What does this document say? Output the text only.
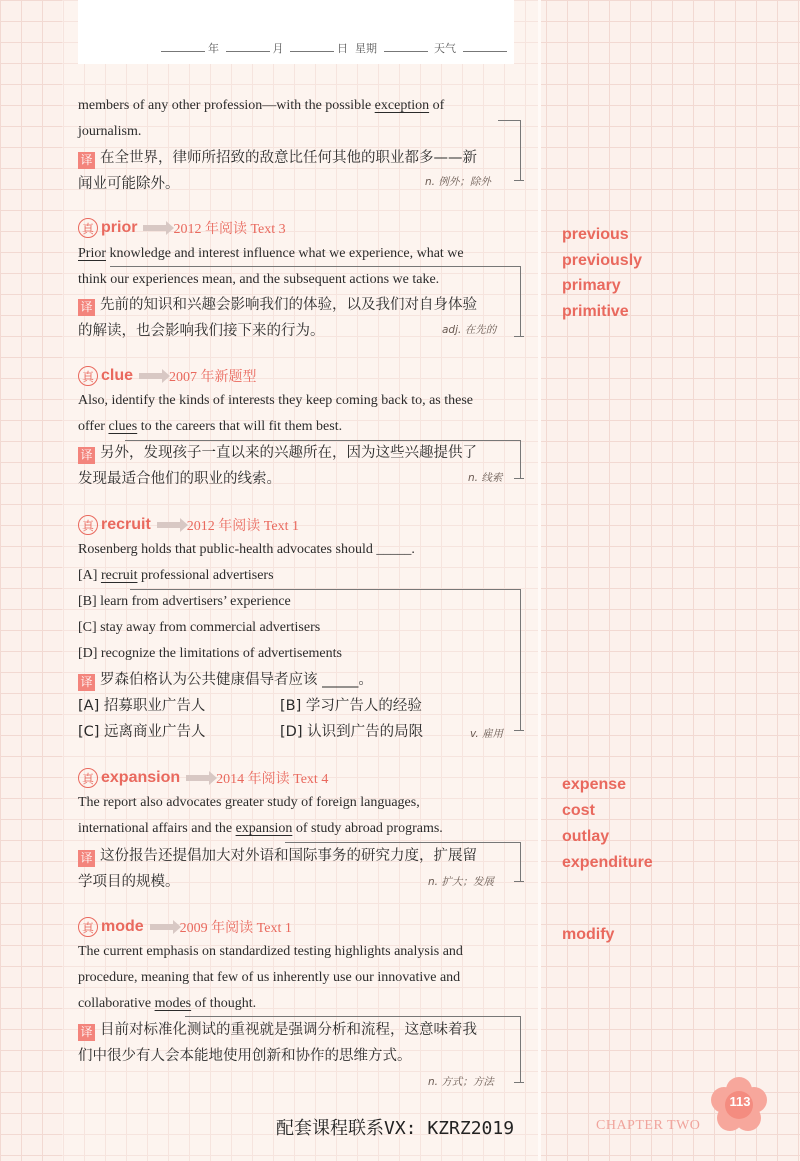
年	月	日 星期	天气
members of any other profession—with the possible exception of
journalism.
译 在全世界，律师所招致的敌意比任何其他的职业都多——新
闻业可能除外。	n. 例外；除外
真 prior	2012 年阅读 Text 3
Prior knowledge and interest influence what we experience, what we
think our experiences mean, and the subsequent actions we take.
译 先前的知识和兴趣会影响我们的体验，以及我们对自身体验
的解读，也会影响我们接下来的行为。	adj. 在先的
真 clue	2007 年新题型
Also, identify the kinds of interests they keep coming back to, as these
offer clues to the careers that will fit them best.
译 另外，发现孩子一直以来的兴趣所在，因为这些兴趣提供了
发现最适合他们的职业的线索。	n. 线索
真 recruit	2012 年阅读 Text 1
Rosenberg holds that public-health advocates should _____.
[A] recruit professional advertisers
[B] learn from advertisers’ experience
[C] stay away from commercial advertisers
[D] recognize the limitations of advertisements
译 罗森伯格认为公共健康倡导者应该 _____。
[A] 招募职业广告人	[B] 学习广告人的经验
[C] 远离商业广告人	[D] 认识到广告的局限	v. 雇用
真 expansion	2014 年阅读 Text 4
The report also advocates greater study of foreign languages,
international affairs and the expansion of study abroad programs.
译 这份报告还提倡加大对外语和国际事务的研究力度，扩展留
学项目的规模。	n. 扩大；发展
真 mode	2009 年阅读 Text 1
The current emphasis on standardized testing highlights analysis and
procedure, meaning that few of us inherently use our innovative and
collaborative modes of thought.
译 目前对标准化测试的重视就是强调分析和流程，这意味着我
们中很少有人会本能地使用创新和协作的思维方式。
n. 方式；方法
previous
previously
primary
primitive
expense
cost
outlay
expenditure
modify
配套课程联系VX: KZRZ2019	CHAPTER TWO
113
